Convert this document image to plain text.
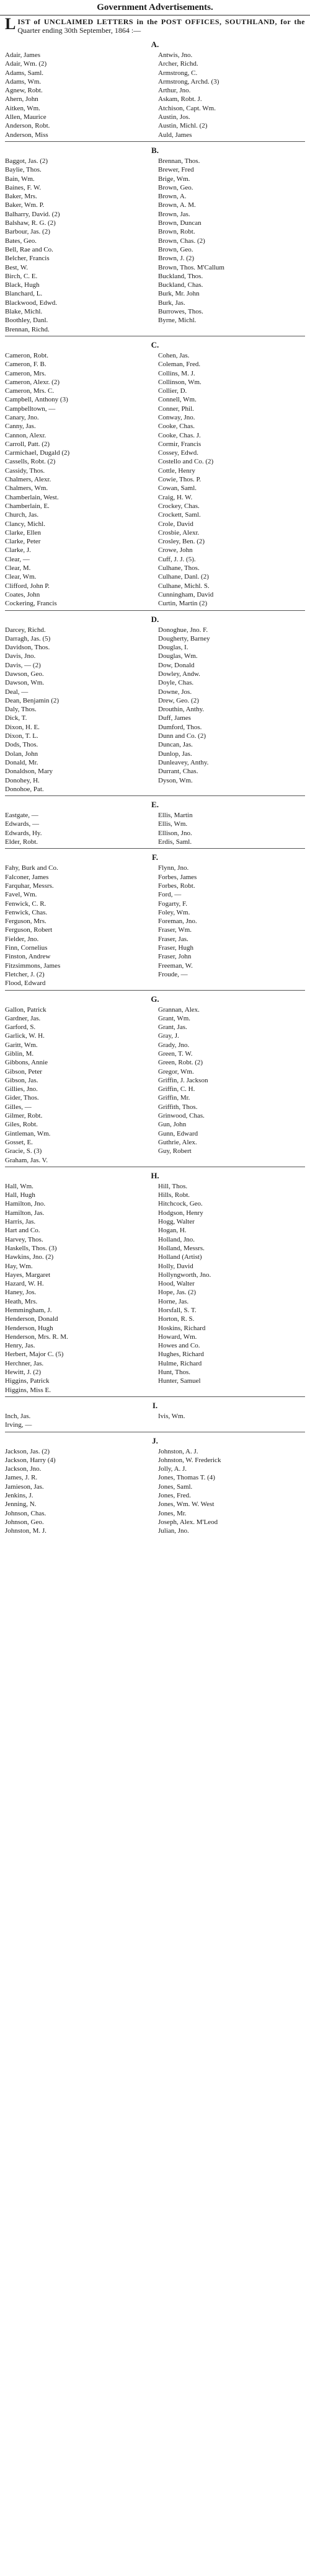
Government Advertisements.
LIST of UNCLAIMED LETTERS in the POST OFFICES, SOUTHLAND, for the Quarter ending 30th September, 1864 :—
A.
Adair, James
Adair, Wm. (2)
Adams, Saml.
Adams, Wm.
Agnew, Robt.
Ahern, John
Aitken, Wm.
Allen, Maurice
Anderson, Robt.
Anderson, Miss
Antwis, Jno.
Archer, Richd.
Armstrong, C.
Armstrong, Archd. (3)
Arthur, Jno.
Askam, Robt. J.
Atchison, Capt. Wm.
Austin, Jos.
Austin, Michl. (2)
Auld, James
B.
Baggot, Jas. (2)
Baylie, Thos.
Bain, Wm.
Baines, F. W.
Baker, Mrs.
Baker, Wm. P.
Balharry, David. (2)
Balshaw, R. G. (2)
Barbour, Jas. (2)
Bates, Geo.
Bell, Rae and Co.
Belcher, Francis
Best, W.
Birch, C. E.
Black, Hugh
Blanchard, L.
Blackwood, Edwd.
Blake, Michl.
Boothley, Danl.
Brennan, Richd.
Brennan, Thos.
Brewer, Fred
Brige, Wm.
Brown, Geo.
Brown, A.
Brown, A. M.
Brown, Jas.
Brown, Duncan
Brown, Robt.
Brown, Chas. (2)
Brown, Geo.
Brown, J. (2)
Brown, Thos. M'Callum
Buckland, Thos.
Buckland, Chas.
Burk, Mr. John
Burk, Jas.
Burrowes, Thos.
Byrne, Michl.
C.
Cameron, Robt.
Cameron, F. B.
Cameron, Mrs.
Cameron, Alexr. (2)
Cameron, Mrs. C.
Campbell, Anthony (3)
Campbelltown, —
Canary, Jno.
Canny, Jas.
Cannon, Alexr.
Carroll, Patt. (2)
Carmichael, Dugald (2)
Cassells, Robt. (2)
Cassidy, Thos.
Chalmers, Alexr.
Chalmers, Wm.
Chamberlain, West.
Chamberlain, E.
Church, Jas.
Clancy, Michl.
Clarke, Ellen
Clarke, Peter
Clarke, J.
Clear, —
Clear, M.
Clear, Wm.
Clifford, John P.
Coates, John
Cockering, Francis
Cohen, Jas.
Coleman, Fred.
Collins, M. J.
Collinson, Wm.
Collier, D.
Connell, Wm.
Conner, Phil.
Conway, Jno.
Cooke, Chas.
Cooke, Chas. J.
Cormir, Francis
Cossey, Edwd.
Costello and Co. (2)
Cottle, Henry
Cowie, Thos. P.
Cowan, Saml.
Craig, H. W.
Crockey, Chas.
Crockett, Saml.
Crole, David
Crosbie, Alexr.
Crosley, Ben. (2)
Crowe, John
Cuff, J. J. (5).
Culhane, Thos.
Culhane, Danl. (2)
Culhane, Michl. S.
Cunningham, David
Curtin, Martin (2)
D.
Darcey, Richd.
Darragh, Jas. (5)
Davidson, Thos.
Davis, Jno.
Davis, — (2)
Dawson, Geo.
Dawson, Wm.
Deal, —
Dean, Benjamin (2)
Daly, Thos.
Dick, T.
Dixon, H. E.
Dixon, T. L.
Dods, Thos.
Dolan, John
Donald, Mr.
Donaldson, Mary
Donohey, H.
Donohoe, Pat.
Donoghue, Jno. F.
Dougherty, Barney
Douglas, I.
Douglas, Wm.
Dow, Donald
Dowley, Andw.
Doyle, Chas.
Downe, Jos.
Drew, Geo. (2)
Drouthin, Anthy.
Duff, James
Dumford, Thos.
Dunn and Co. (2)
Duncan, Jas.
Dunlop, Jas.
Dunleavey, Anthy.
Durrant, Chas.
Dyson, Wm.
E.
Eastgate, —
Edwards, —
Edwards, Hy.
Elder, Robt.
Ellis, Martin
Ellis, Wm.
Ellison, Jno.
Erdis, Saml.
F.
Fahy, Burk and Co.
Falconer, James
Farquhar, Messrs.
Favel, Wm.
Fenwick, C. R.
Fenwick, Chas.
Ferguson, Mrs.
Ferguson, Robert
Fielder, Jno.
Finn, Cornelius
Finston, Andrew
Fitzsimmons, James
Fletcher, J. (2)
Flood, Edward
Flynn, Jno.
Forbes, James
Forbes, Robt.
Ford, —
Fogarty, F.
Foley, Wm.
Foreman, Jno.
Fraser, Wm.
Fraser, Jas.
Fraser, Hugh
Fraser, John
Freeman, W.
Froude, —
G.
Gallon, Patrick
Gardner, Jas.
Garford, S.
Garlick, W. H.
Garitt, Wm.
Giblin, M.
Gibbons, Annie
Gibson, Peter
Gibson, Jas.
Gillies, Jno.
Gider, Thos.
Gilles, —
Gilmer, Robt.
Giles, Robt.
Gintleman, Wm.
Gosset, E.
Gracie, S. (3)
Graham, Jas. V.
Grannan, Alex.
Grant, Wm.
Grant, Jas.
Gray, J.
Grady, Jno.
Green, T. W.
Green, Robt. (2)
Gregor, Wm.
Griffin, J. Jackson
Griffin, C. H.
Griffin, Mr.
Griffith, Thos.
Grinwood, Chas.
Gun, John
Gunn, Edward
Guthrie, Alex.
Guy, Robert
H.
Hall, Wm.
Hall, Hugh
Hamilton, Jno.
Hamilton, Jas.
Harris, Jas.
Hart and Co.
Harvey, Thos.
Haskells, Thos. (3)
Hawkins, Jno. (2)
Hay, Wm.
Hayes, Margaret
Hazard, W. H.
Haney, Jos.
Heath, Mrs.
Hemmingham, J.
Henderson, Donald
Henderson, Hugh
Henderson, Mrs. R. M.
Henry, Jas.
Herbert, Major C. (5)
Herchner, Jas.
Hewitt, J. (2)
Higgins, Patrick
Higgins, Miss E.
Hill, Thos.
Hills, Robt.
Hitchcock, Geo.
Hodgson, Henry
Hogg, Walter
Hogan, H.
Holland, Jno.
Holland, Messrs.
Holland (Artist)
Holly, David
Hollyngworth, Jno.
Hood, Walter
Hope, Jas. (2)
Horne, Jas.
Horsfall, S. T.
Horton, R. S.
Hoskins, Richard
Howard, Wm.
Howes and Co.
Hughes, Richard
Hulme, Richard
Hunt, Thos.
Hunter, Samuel
I.
Inch, Jas.
Irving, —
Ivis, Wm.
J.
Jackson, Jas. (2)
Jackson, Harry (4)
Jackson, Jno.
James, J. R.
Jamieson, Jas.
Jenkins, J.
Jenning, N.
Johnson, Chas.
Johnson, Geo.
Johnston, M. J.
Johnston, A. J.
Johnston, W. Frederick
Jolly, A. J.
Jones, Thomas T. (4)
Jones, Saml.
Jones, Fred.
Jones, Wm. W. West
Jones, Mr.
Joseph, Alex. M'Leod
Julian, Jno.
